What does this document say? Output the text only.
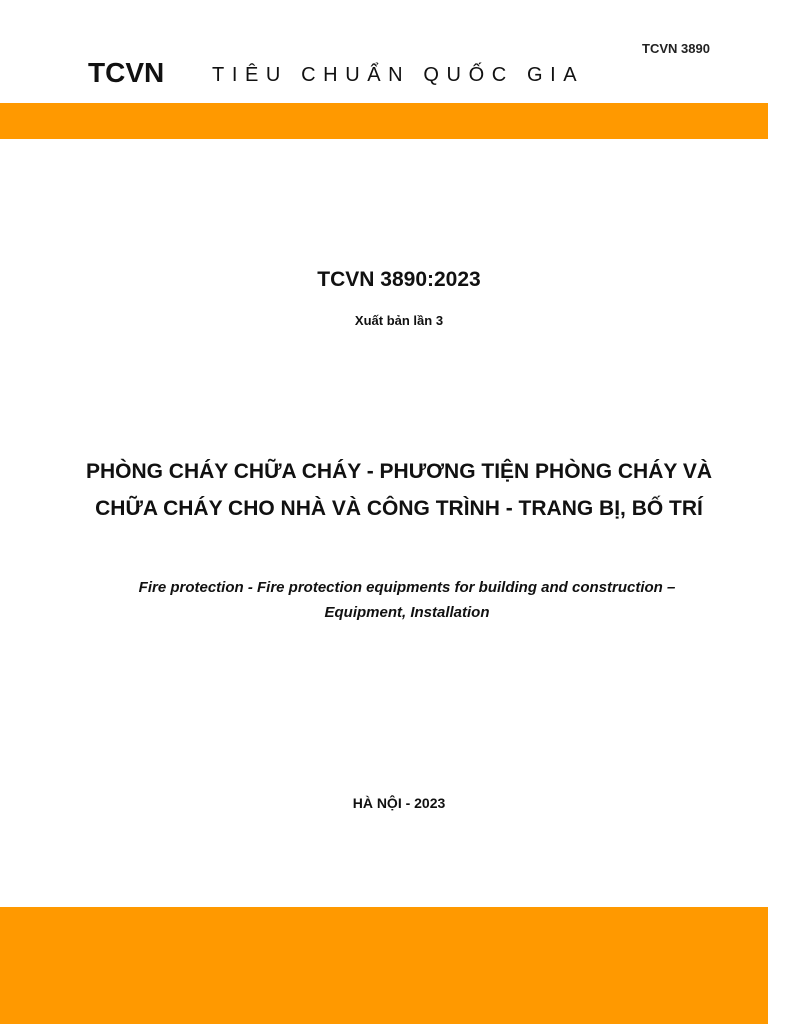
TCVN 3890
TCVN TIÊU CHUẨN QUỐC GIA
TCVN 3890:2023
Xuất bản lần 3
PHÒNG CHÁY CHỮA CHÁY - PHƯƠNG TIỆN PHÒNG CHÁY VÀ CHỮA CHÁY CHO NHÀ VÀ CÔNG TRÌNH - TRANG BỊ, BỐ TRÍ
Fire protection - Fire protection equipments for building and construction – Equipment, Installation
HÀ NỘI - 2023
